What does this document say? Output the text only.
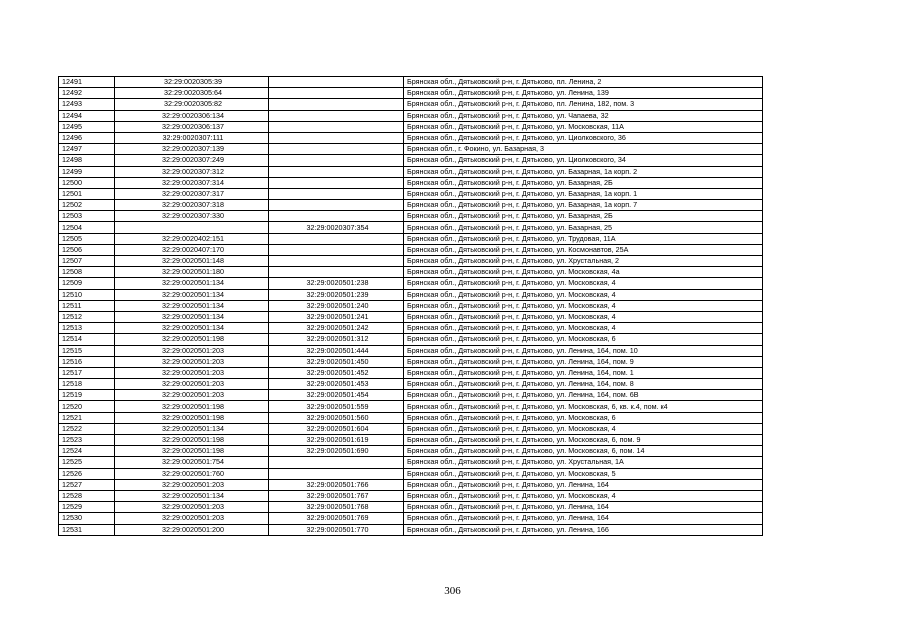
12491	32:29:0020305:39		Брянская обл., Дятьковский р-н, г. Дятьково, пл. Ленина, 2
12492	32:29:0020305:64		Брянская обл., Дятьковский р-н, г. Дятьково, ул. Ленина, 139
12493	32:29:0020305:82		Брянская обл., Дятьковский р-н, г. Дятьково, пл. Ленина, 182, пом. 3
12494	32:29:0020306:134		Брянская обл., Дятьковский р-н, г. Дятьково, ул. Чапаева, 32
12495	32:29:0020306:137		Брянская обл., Дятьковский р-н, г. Дятьково, ул. Московская, 11А
12496	32:29:0020307:111		Брянская обл., Дятьковский р-н, г. Дятьково, ул. Циолковского, 36
12497	32:29:0020307:139		Брянская обл., г. Фокино, ул. Базарная, 3
12498	32:29:0020307:249		Брянская обл., Дятьковский р-н, г. Дятьково, ул. Циолковского, 34
12499	32:29:0020307:312		Брянская обл., Дятьковский р-н, г. Дятьково, ул. Базарная, 1а корп. 2
12500	32:29:0020307:314		Брянская обл., Дятьковский р-н, г. Дятьково, ул. Базарная, 2Б
12501	32:29:0020307:317		Брянская обл., Дятьковский р-н, г. Дятьково, ул. Базарная, 1а корп. 1
12502	32:29:0020307:318		Брянская обл., Дятьковский р-н, г. Дятьково, ул. Базарная, 1а корп. 7
12503	32:29:0020307:330		Брянская обл., Дятьковский р-н, г. Дятьково, ул. Базарная, 2Б
12504		32:29:0020307:354	Брянская обл., Дятьковский р-н, г. Дятьково, ул. Базарная, 25
12505	32:29:0020402:151		Брянская обл., Дятьковский р-н, г. Дятьково, ул. Трудовая, 11А
12506	32:29:0020407:170		Брянская обл., Дятьковский р-н, г. Дятьково, ул. Космонавтов, 25А
12507	32:29:0020501:148		Брянская обл., Дятьковский р-н, г. Дятьково, ул. Хрустальная, 2
12508	32:29:0020501:180		Брянская обл., Дятьковский р-н, г. Дятьково, ул. Московская, 4а
12509	32:29:0020501:134	32:29:0020501:238	Брянская обл., Дятьковский р-н, г. Дятьково, ул. Московская, 4
12510	32:29:0020501:134	32:29:0020501:239	Брянская обл., Дятьковский р-н, г. Дятьково, ул. Московская, 4
12511	32:29:0020501:134	32:29:0020501:240	Брянская обл., Дятьковский р-н, г. Дятьково, ул. Московская, 4
12512	32:29:0020501:134	32:29:0020501:241	Брянская обл., Дятьковский р-н, г. Дятьково, ул. Московская, 4
12513	32:29:0020501:134	32:29:0020501:242	Брянская обл., Дятьковский р-н, г. Дятьково, ул. Московская, 4
12514	32:29:0020501:198	32:29:0020501:312	Брянская обл., Дятьковский р-н, г. Дятьково, ул. Московская, 6
12515	32:29:0020501:203	32:29:0020501:444	Брянская обл., Дятьковский р-н, г. Дятьково, ул. Ленина, 164, пом. 10
12516	32:29:0020501:203	32:29:0020501:450	Брянская обл., Дятьковский р-н, г. Дятьково, ул. Ленина, 164, пом. 9
12517	32:29:0020501:203	32:29:0020501:452	Брянская обл., Дятьковский р-н, г. Дятьково, ул. Ленина, 164, пом. 1
12518	32:29:0020501:203	32:29:0020501:453	Брянская обл., Дятьковский р-н, г. Дятьково, ул. Ленина, 164, пом. 8
12519	32:29:0020501:203	32:29:0020501:454	Брянская обл., Дятьковский р-н, г. Дятьково, ул. Ленина, 164, пом. 6В
12520	32:29:0020501:198	32:29:0020501:559	Брянская обл., Дятьковский р-н, г. Дятьково, ул. Московская, 6, кв. к.4, пом. к4
12521	32:29:0020501:198	32:29:0020501:560	Брянская обл., Дятьковский р-н, г. Дятьково, ул. Московская, 6
12522	32:29:0020501:134	32:29:0020501:604	Брянская обл., Дятьковский р-н, г. Дятьково, ул. Московская, 4
12523	32:29:0020501:198	32:29:0020501:619	Брянская обл., Дятьковский р-н, г. Дятьково, ул. Московская, 6, пом. 9
12524	32:29:0020501:198	32:29:0020501:690	Брянская обл., Дятьковский р-н, г. Дятьково, ул. Московская, 6, пом. 14
12525	32:29:0020501:754		Брянская обл., Дятьковский р-н, г. Дятьково, ул. Хрустальная, 1А
12526	32:29:0020501:760		Брянская обл., Дятьковский р-н, г. Дятьково, ул. Московская, 5
12527	32:29:0020501:203	32:29:0020501:766	Брянская обл., Дятьковский р-н, г. Дятьково, ул. Ленина, 164
12528	32:29:0020501:134	32:29:0020501:767	Брянская обл., Дятьковский р-н, г. Дятьково, ул. Московская, 4
12529	32:29:0020501:203	32:29:0020501:768	Брянская обл., Дятьковский р-н, г. Дятьково, ул. Ленина, 164
12530	32:29:0020501:203	32:29:0020501:769	Брянская обл., Дятьковский р-н, г. Дятьково, ул. Ленина, 164
12531	32:29:0020501:200	32:29:0020501:770	Брянская обл., Дятьковский р-н, г. Дятьково, ул. Ленина, 166
306
